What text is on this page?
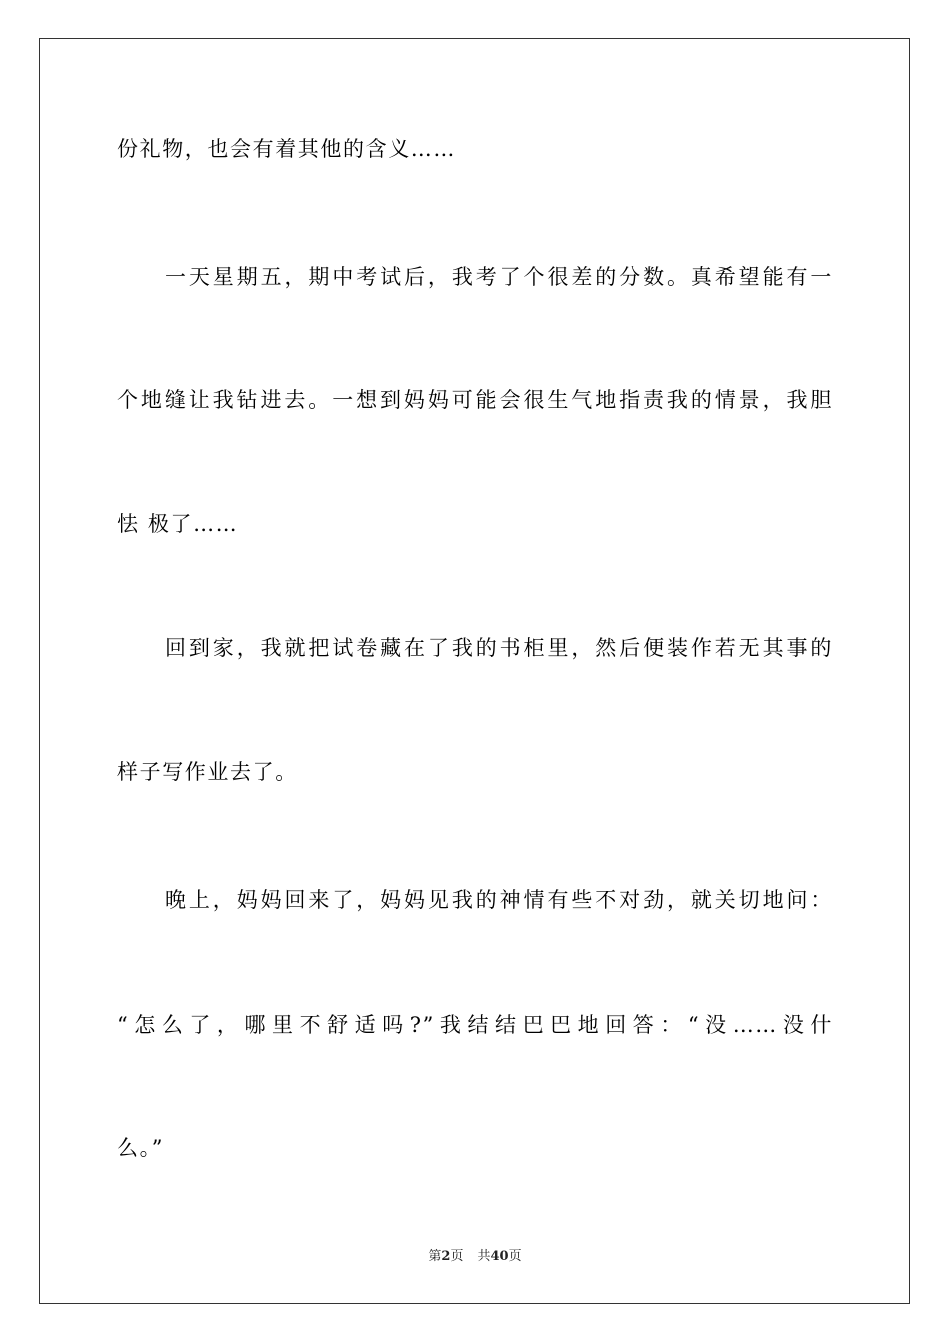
份礼物，也会有着其他的含义……
一天星期五，期中考试后，我考了个很差的分数。真希望能有一
个地缝让我钻进去。一想到妈妈可能会很生气地指责我的情景，我胆
怯 极了……
回到家，我就把试卷藏在了我的书柜里，然后便装作若无其事的
样子写作业去了。
晚上，妈妈回来了，妈妈见我的神情有些不对劲，就关切地问：
“怎么了，哪里不舒适吗?”我结结巴巴地回答：“没……没什
么。”
第2页 共40页
